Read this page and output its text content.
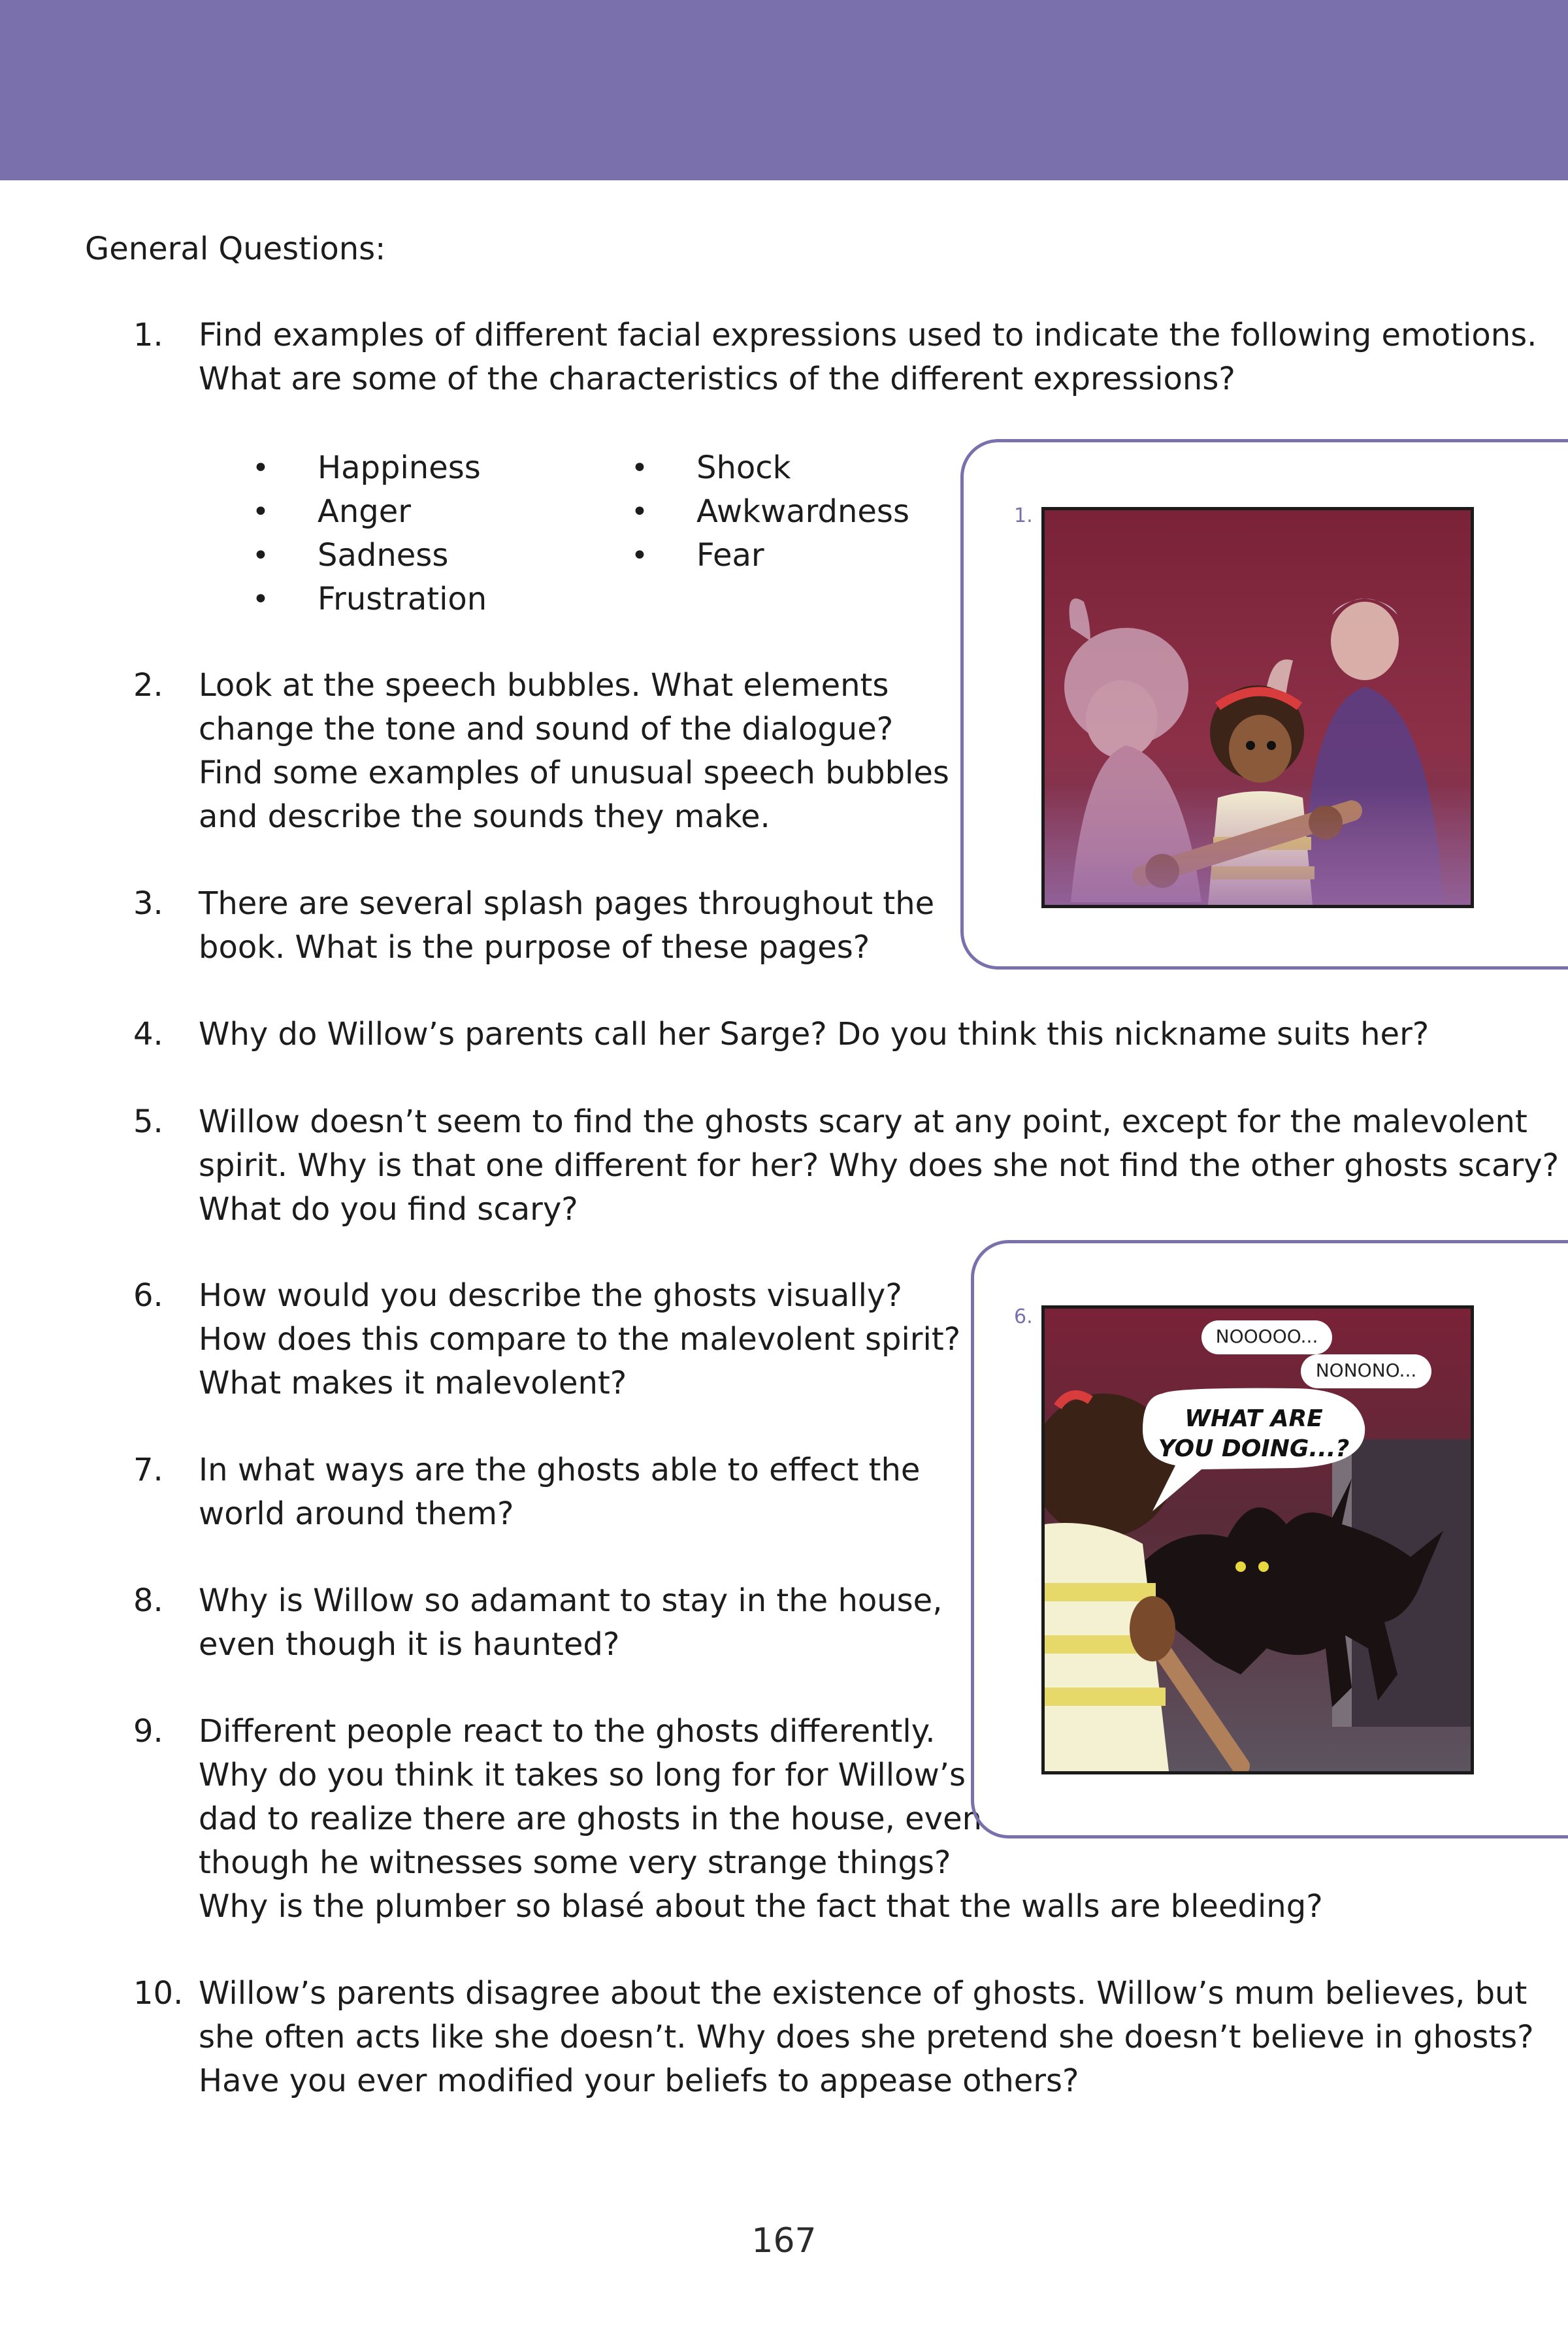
General Questions:
1. Find examples of different facial expressions used to indicate the following emotions.
What are some of the characteristics of the different expressions?
• Happiness
• Anger
• Sadness
• Frustration
• Shock
• Awkwardness
• Fear
2. Look at the speech bubbles. What elements
change the tone and sound of the dialogue?
Find some examples of unusual speech bubbles
and describe the sounds they make.
3. There are several splash pages throughout the
book. What is the purpose of these pages?
4. Why do Willow’s parents call her Sarge? Do you think this nickname suits her?
5. Willow doesn’t seem to find the ghosts scary at any point, except for the malevolent
spirit. Why is that one different for her? Why does she not find the other ghosts scary?
What do you find scary?
6. How would you describe the ghosts visually?
How does this compare to the malevolent spirit?
What makes it malevolent?
7. In what ways are the ghosts able to effect the
world around them?
8. Why is Willow so adamant to stay in the house,
even though it is haunted?
9. Different people react to the ghosts differently.
Why do you think it takes so long for for Willow’s
dad to realize there are ghosts in the house, even
though he witnesses some very strange things?
Why is the plumber so blasé about the fact that the walls are bleeding?
10. Willow’s parents disagree about the existence of ghosts. Willow’s mum believes, but
she often acts like she doesn’t. Why does she pretend she doesn’t believe in ghosts?
Have you ever modified your beliefs to appease others?
1.
6.
NOOOOO...
NONONO...
WHAT ARE
YOU DOING...?
167
